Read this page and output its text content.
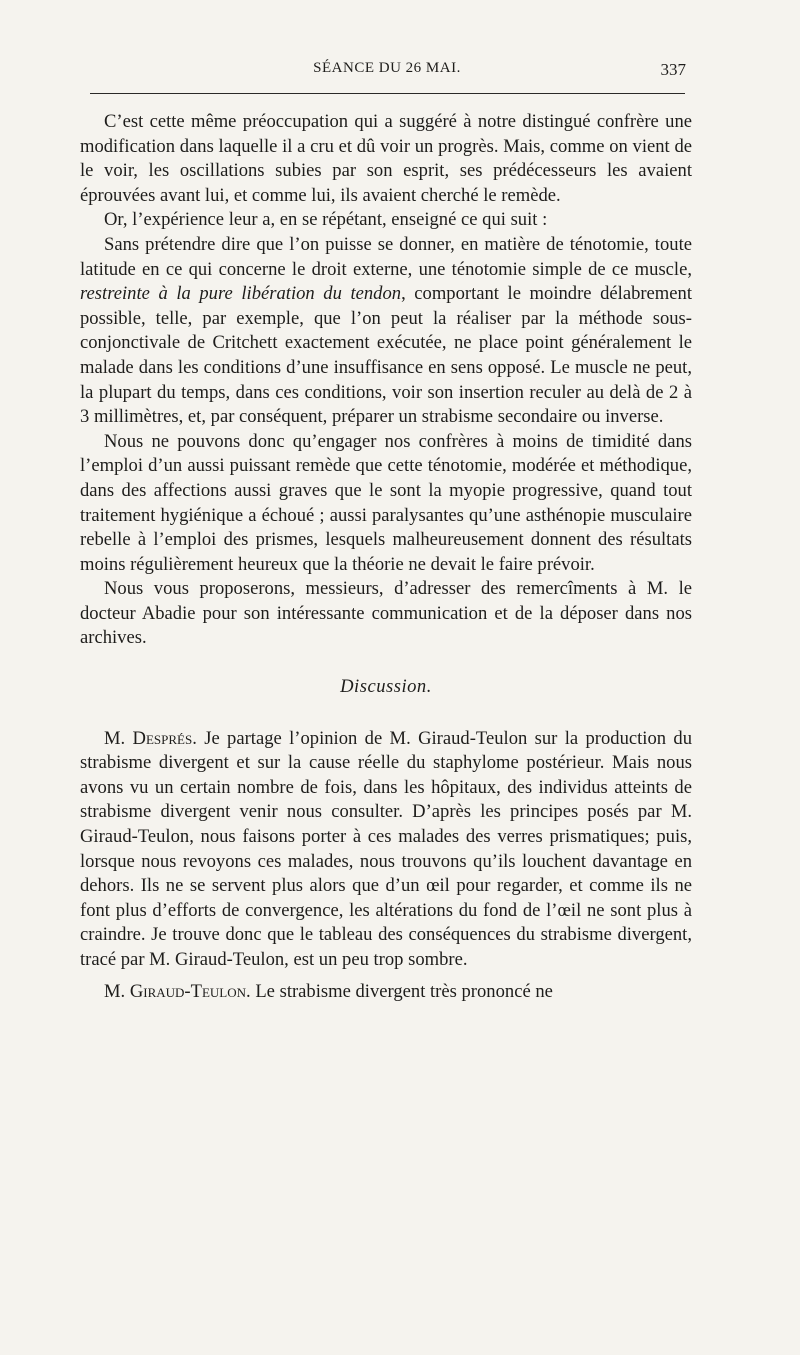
SÉANCE DU 26 MAI.	337

C’est cette même préoccupation qui a suggéré à notre distingué confrère une modification dans laquelle il a cru et dû voir un progrès. Mais, comme on vient de le voir, les oscillations subies par son esprit, ses prédécesseurs les avaient éprouvées avant lui, et comme lui, ils avaient cherché le remède.

Or, l’expérience leur a, en se répétant, enseigné ce qui suit :

Sans prétendre dire que l’on puisse se donner, en matière de ténotomie, toute latitude en ce qui concerne le droit externe, une ténotomie simple de ce muscle, restreinte à la pure libération du tendon, comportant le moindre délabrement possible, telle, par exemple, que l’on peut la réaliser par la méthode sous-conjonctivale de Critchett exactement exécutée, ne place point généralement le malade dans les conditions d’une insuffisance en sens opposé. Le muscle ne peut, la plupart du temps, dans ces conditions, voir son insertion reculer au delà de 2 à 3 millimètres, et, par conséquent, préparer un strabisme secondaire ou inverse.

Nous ne pouvons donc qu’engager nos confrères à moins de timidité dans l’emploi d’un aussi puissant remède que cette ténotomie, modérée et méthodique, dans des affections aussi graves que le sont la myopie progressive, quand tout traitement hygiénique a échoué ; aussi paralysantes qu’une asthénopie musculaire rebelle à l’emploi des prismes, lesquels malheureusement donnent des résultats moins régulièrement heureux que la théorie ne devait le faire prévoir.

Nous vous proposerons, messieurs, d’adresser des remercîments à M. le docteur Abadie pour son intéressante communication et de la déposer dans nos archives.

Discussion.

M. Després. Je partage l’opinion de M. Giraud-Teulon sur la production du strabisme divergent et sur la cause réelle du staphylome postérieur. Mais nous avons vu un certain nombre de fois, dans les hôpitaux, des individus atteints de strabisme divergent venir nous consulter. D’après les principes posés par M. Giraud-Teulon, nous faisons porter à ces malades des verres prismatiques; puis, lorsque nous revoyons ces malades, nous trouvons qu’ils louchent davantage en dehors. Ils ne se servent plus alors que d’un œil pour regarder, et comme ils ne font plus d’efforts de convergence, les altérations du fond de l’œil ne sont plus à craindre. Je trouve donc que le tableau des conséquences du strabisme divergent, tracé par M. Giraud-Teulon, est un peu trop sombre.

M. Giraud-Teulon. Le strabisme divergent très prononcé ne
